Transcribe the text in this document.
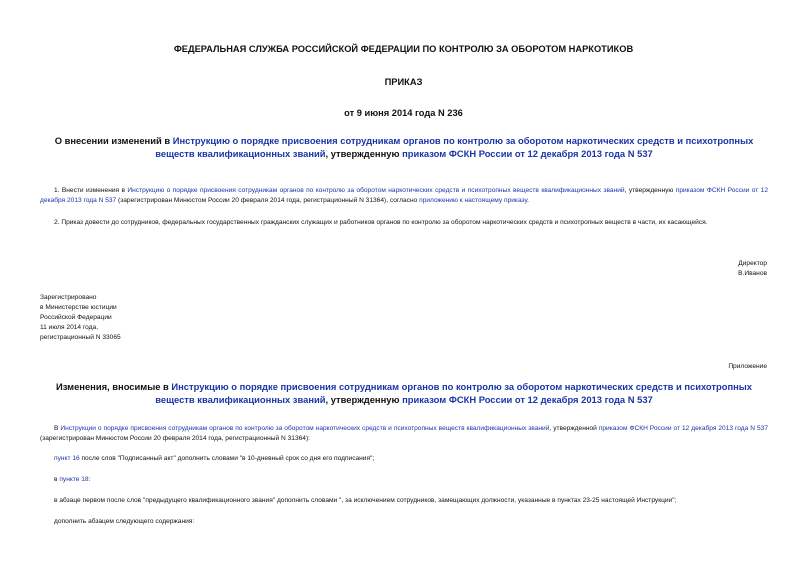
ФЕДЕРАЛЬНАЯ СЛУЖБА РОССИЙСКОЙ ФЕДЕРАЦИИ ПО КОНТРОЛЮ ЗА ОБОРОТОМ НАРКОТИКОВ
ПРИКАЗ
от 9 июня 2014 года N 236
О внесении изменений в Инструкцию о порядке присвоения сотрудникам органов по контролю за оборотом наркотических средств и психотропных веществ квалификационных званий, утвержденную приказом ФСКН России от 12 декабря 2013 года N 537
1. Внести изменения в Инструкцию о порядке присвоения сотрудникам органов по контролю за оборотом наркотических средств и психотропных веществ квалификационных званий, утвержденную приказом ФСКН России от 12 декабря 2013 года N 537 (зарегистрирован Минюстом России 20 февраля 2014 года, регистрационный N 31364), согласно приложению к настоящему приказу.
2. Приказ довести до сотрудников, федеральных государственных гражданских служащих и работников органов по контролю за оборотом наркотических средств и психотропных веществ в части, их касающейся.
Директор
В.Иванов
Зарегистрировано
в Министерстве юстиции
Российской Федерации
11 июля 2014 года,
регистрационный N 33065
Приложение
Изменения, вносимые в Инструкцию о порядке присвоения сотрудникам органов по контролю за оборотом наркотических средств и психотропных веществ квалификационных званий, утвержденную приказом ФСКН России от 12 декабря 2013 года N 537
В Инструкции о порядке присвоения сотрудникам органов по контролю за оборотом наркотических средств и психотропных веществ квалификационных званий, утвержденной приказом ФСКН России от 12 декабря 2013 года N 537 (зарегистрирован Минюстом России 20 февраля 2014 года, регистрационный N 31364):
пункт 16 после слов "Подписанный акт" дополнить словами "в 10-дневный срок со дня его подписания";
в пункте 18:
в абзаце первом после слов "предыдущего квалификационного звания" дополнить словами ", за исключением сотрудников, замещающих должности, указанные в пунктах 23-25 настоящей Инструкции";
дополнить абзацем следующего содержания:
